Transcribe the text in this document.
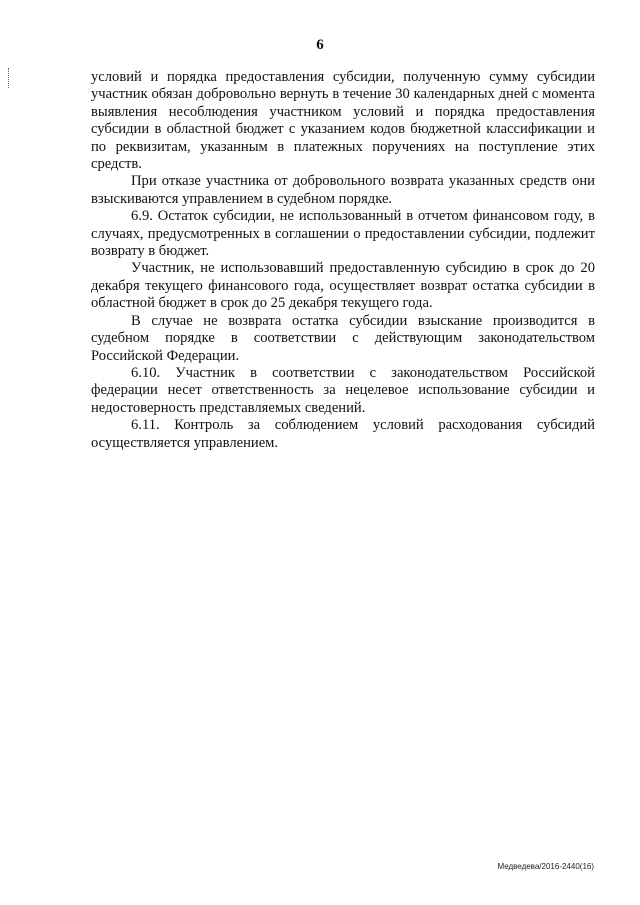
6

условий и порядка предоставления субсидии, полученную сумму субсидии участник обязан добровольно вернуть в течение 30 календарных дней с момента выявления несоблюдения участником условий и порядка предоставления субсидии в областной бюджет с указанием кодов бюджетной классификации и по реквизитам, указанным в платежных поручениях на поступление этих средств.

При отказе участника от добровольного возврата указанных средств они взыскиваются управлением в судебном порядке.

6.9. Остаток субсидии, не использованный в отчетом финансовом году, в случаях, предусмотренных в соглашении о предоставлении субсидии, подлежит возврату в бюджет.

Участник, не использовавший предоставленную субсидию в срок до 20 декабря текущего финансового года, осуществляет возврат остатка субсидии в областной бюджет в срок до 25 декабря текущего года.

В случае не возврата остатка субсидии взыскание производится в судебном порядке в соответствии с действующим законодательством Российской Федерации.

6.10. Участник в соответствии с законодательством Российской федерации несет ответственность за нецелевое использование субсидии и недостоверность представляемых сведений.

6.11. Контроль за соблюдением условий расходования субсидий осуществляется управлением.

Медведева/2016-2440(16)
